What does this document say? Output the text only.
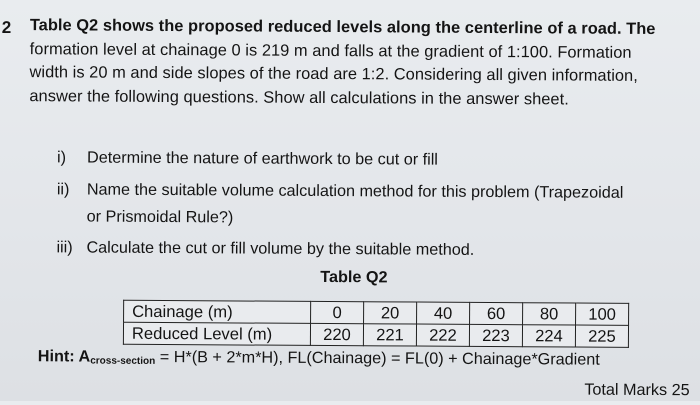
2 Table Q2 shows the proposed reduced levels along the centerline of a road. The
formation level at chainage 0 is 219 m and falls at the gradient of 1:100. Formation
width is 20 m and side slopes of the road are 1:2. Considering all given information,
answer the following questions. Show all calculations in the answer sheet.
i) Determine the nature of earthwork to be cut or fill
ii) Name the suitable volume calculation method for this problem (Trapezoidal
or Prismoidal Rule?)
iii) Calculate the cut or fill volume by the suitable method.
Table Q2
Chainage (m)	0	20	40	60	80	100
Reduced Level (m)	220	221	222	223	224	225
Hint: $A_{cross-section} = H*(B + 2*m*H)$, FL(Chainage) = FL(0) + Chainage*Gradient
Total Marks 25
